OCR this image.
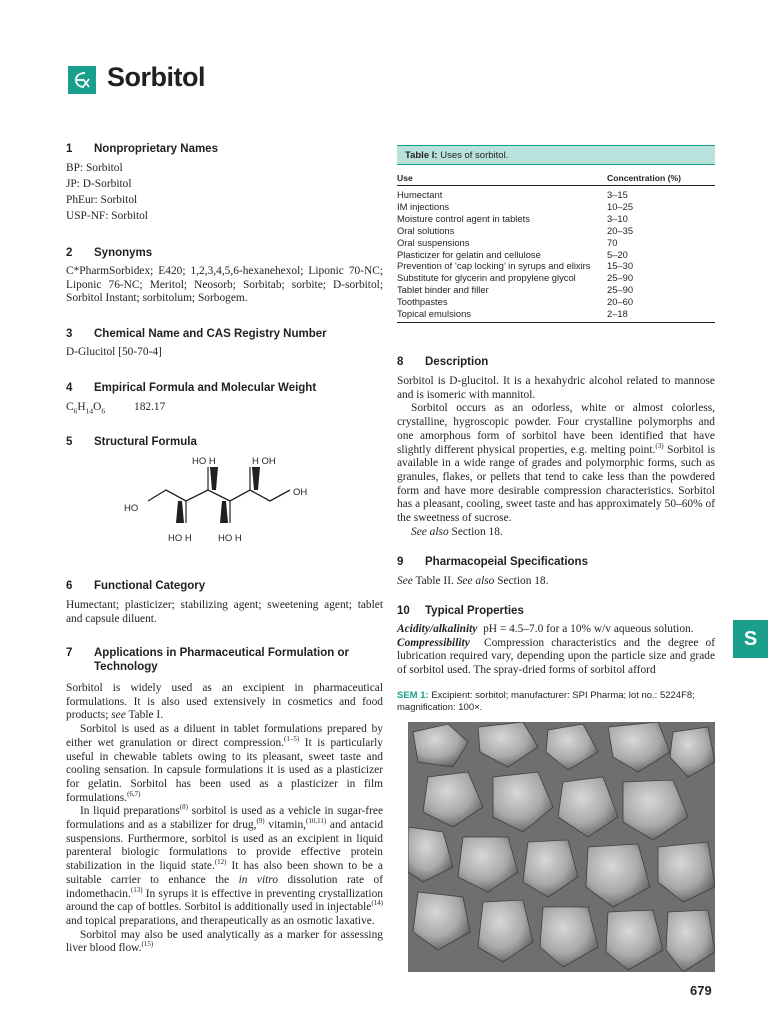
Sorbitol
1 Nonproprietary Names
BP: Sorbitol
JP: D-Sorbitol
PhEur: Sorbitol
USP-NF: Sorbitol
2 Synonyms
C*PharmSorbidex; E420; 1,2,3,4,5,6-hexanehexol; Liponic 70-NC; Liponic 76-NC; Meritol; Neosorb; Sorbitab; sorbite; D-sorbitol; Sorbitol Instant; sorbitolum; Sorbogem.
3 Chemical Name and CAS Registry Number
D-Glucitol [50-70-4]
4 Empirical Formula and Molecular Weight
$C_6H_{14}O_6$	182.17
5 Structural Formula
HO H	H OH
OH
HO
HO H	HO H
6 Functional Category
Humectant; plasticizer; stabilizing agent; sweetening agent; tablet and capsule diluent.
7 Applications in Pharmaceutical Formulation or
Technology
Sorbitol is widely used as an excipient in pharmaceutical formulations. It is also used extensively in cosmetics and food products; see Table I.
Sorbitol is used as a diluent in tablet formulations prepared by either wet granulation or direct compression.$^{(1-5)}$ It is particularly useful in chewable tablets owing to its pleasant, sweet taste and cooling sensation. In capsule formulations it is used as a plasticizer for gelatin. Sorbitol has been used as a plasticizer in film formulations.$^{(6,7)}$
In liquid preparations$^{(8)}$ sorbitol is used as a vehicle in sugar-free formulations and as a stabilizer for drug,$^{(9)}$ vitamin,$^{(10,11)}$ and antacid suspensions. Furthermore, sorbitol is used as an excipient in liquid parenteral biologic formulations to provide effective protein stabilization in the liquid state.$^{(12)}$ It has also been shown to be a suitable carrier to enhance the in vitro dissolution rate of indomethacin.$^{(13)}$ In syrups it is effective in preventing crystallization around the cap of bottles. Sorbitol is additionally used in injectable$^{(14)}$ and topical preparations, and therapeutically as an osmotic laxative.
Sorbitol may also be used analytically as a marker for assessing liver blood flow.$^{(15)}$
Table I: Uses of sorbitol.
Use	Concentration (%)
Humectant	3–15
IM injections	10–25
Moisture control agent in tablets	3–10
Oral solutions	20–35
Oral suspensions	70
Plasticizer for gelatin and cellulose	5–20
Prevention of ‘cap locking’ in syrups and elixirs 15–30
Substitute for glycerin and propylene glycol	25–90
Tablet binder and filler	25–90
Toothpastes	20–60
Topical emulsions	2–18
8 Description
Sorbitol is D-glucitol. It is a hexahydric alcohol related to mannose and is isomeric with mannitol.
Sorbitol occurs as an odorless, white or almost colorless, crystalline, hygroscopic powder. Four crystalline polymorphs and one amorphous form of sorbitol have been identified that have slightly different physical properties, e.g. melting point.$^{(3)}$ Sorbitol is available in a wide range of grades and polymorphic forms, such as granules, flakes, or pellets that tend to cake less than the powdered form and have more desirable compression characteristics. Sorbitol has a pleasant, cooling, sweet taste and has approximately 50–60% of the sweetness of sucrose.
See also Section 18.
9 Pharmacopeial Specifications
See Table II. See also Section 18.
10 Typical Properties
Acidity/alkalinity  pH = 4.5–7.0 for a 10% w/v aqueous solution.
Compressibility  Compression characteristics and the degree of lubrication required vary, depending upon the particle size and grade of sorbitol used. The spray-dried forms of sorbitol afford
S
SEM 1: Excipient: sorbitol; manufacturer: SPI Pharma; lot no.: 5224F8; magnification: 100×.
679
